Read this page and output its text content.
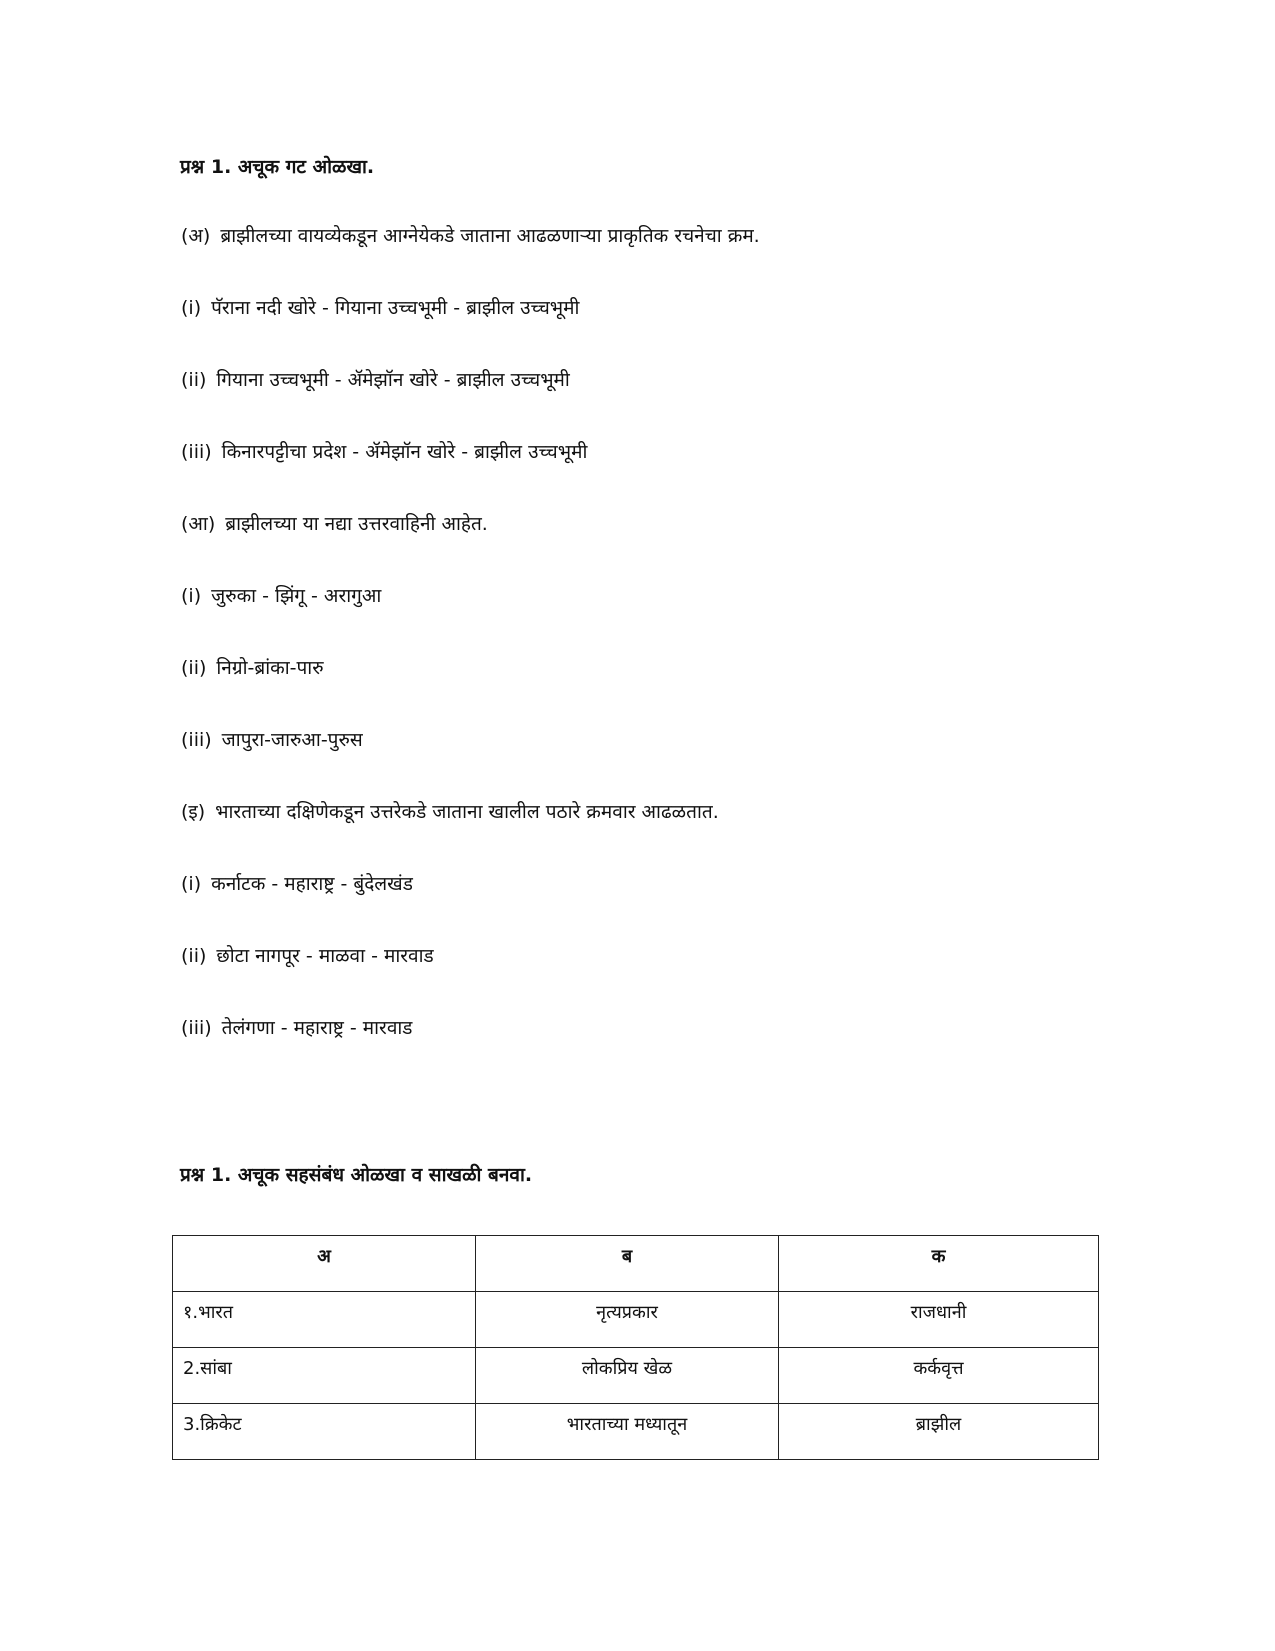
प्रश्न 1. अचूक गट ओळखा.
(अ) ब्राझीलच्या वायव्येकडून आग्नेयेकडे जाताना आढळणाऱ्या प्राकृतिक रचनेचा क्रम.
(i) पॅराना नदी खोरे - गियाना उच्चभूमी - ब्राझील उच्चभूमी
(ii) गियाना उच्चभूमी - ॲमेझॉन खोरे - ब्राझील उच्चभूमी
(iii) किनारपट्टीचा प्रदेश - ॲमेझॉन खोरे - ब्राझील उच्चभूमी
(आ) ब्राझीलच्या या नद्या उत्तरवाहिनी आहेत.
(i) जुरुका - झिंगू - अरागुआ
(ii) निग्रो-ब्रांका-पारु
(iii) जापुरा-जारुआ-पुरुस
(इ) भारताच्या दक्षिणेकडून उत्तरेकडे जाताना खालील पठारे क्रमवार आढळतात.
(i) कर्नाटक - महाराष्ट्र - बुंदेलखंड
(ii) छोटा नागपूर - माळवा - मारवाड
(iii) तेलंगणा - महाराष्ट्र - मारवाड
प्रश्न 1. अचूक सहसंबंध ओळखा व साखळी बनवा.
अ	ब	क
१.भारत	नृत्यप्रकार	राजधानी
2.सांबा	लोकप्रिय खेळ	कर्कवृत्त
3.क्रिकेट	भारताच्या मध्यातून	ब्राझील
